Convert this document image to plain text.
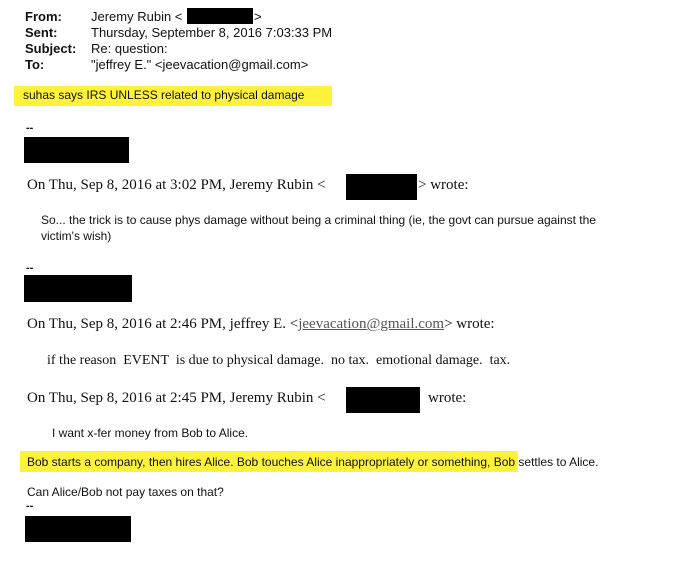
From: Jeremy Rubin <	>
Sent:	Thursday, September 8, 2016 7:03:33 PM
Subject: Re: question:
To:	"jeffrey E." <jeevacation@gmail.com>
suhas says IRS UNLESS related to physical damage
--
On Thu, Sep 8, 2016 at 3:02 PM, Jeremy Rubin <	> wrote:
So... the trick is to cause phys damage without being a criminal thing (ie, the govt can pursue against the victim's wish)
--
On Thu, Sep 8, 2016 at 2:46 PM, jeffrey E. <jeevacation@gmail.com> wrote:
if the reason  EVENT  is due to physical damage.  no tax.  emotional damage.  tax.
On Thu, Sep 8, 2016 at 2:45 PM, Jeremy Rubin <	wrote:
I want x-fer money from Bob to Alice.
Bob starts a company, then hires Alice. Bob touches Alice inappropriately or something, Bob settles to Alice.
Can Alice/Bob not pay taxes on that?
--
